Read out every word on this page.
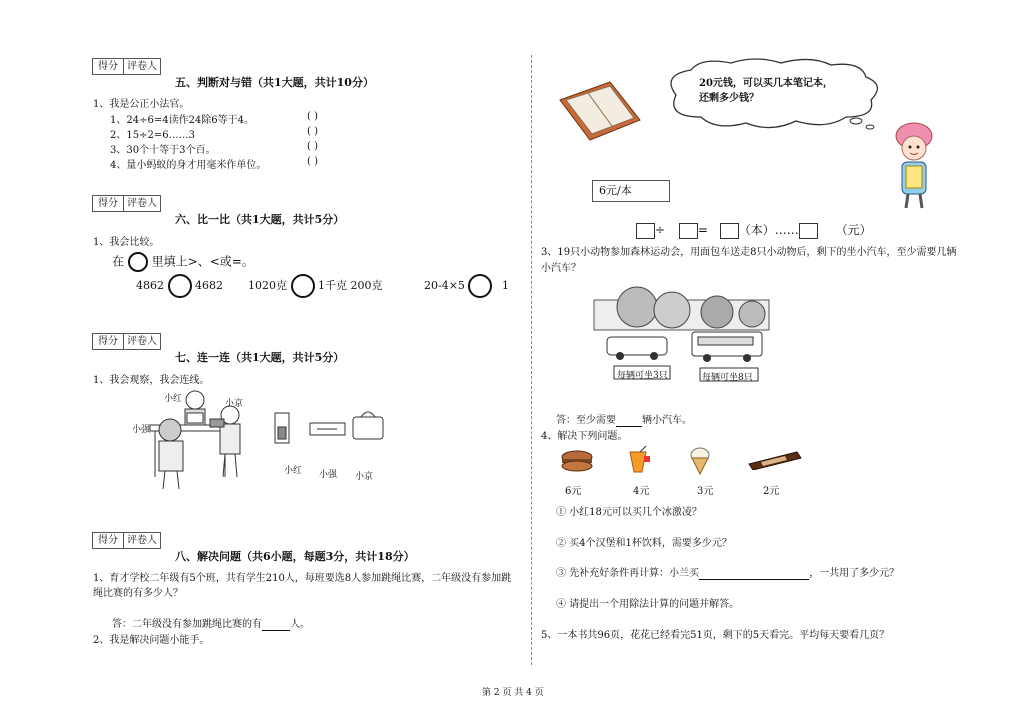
得分 评卷人
五、判断对与错（共1大题，共计10分）
1、我是公正小法官。
1、24÷6=4读作24除6等于4。	( )
2、15÷2=6……3	( )
3、30个十等于3个百。	( )
4、量小蚂蚁的身才用毫米作单位。	( )
得分 评卷人
六、比一比（共1大题，共计5分）
1、我会比较。
在 里填上>、<或=。
4862	4682 1020克	1千克 200克	20-4×5	1
得分 评卷人
七、连一连（共1大题，共计5分）
1、我会观察，我会连线。
小红
小强
小京
小红 小强 小京
得分 评卷人
八、解决问题（共6小题，每题3分，共计18分）
1、育才学校二年级有5个班，共有学生210人，每班要选8人参加跳绳比赛，二年级没有参加跳
绳比赛的有多少人？
答：二年级没有参加跳绳比赛的有	人。
2、我是解决问题小能手。
20元钱，可以买几本笔记本，
还剩多少钱？
6元/本
÷	=	（本）……	（元）
3、19只小动物参加森林运动会，用面包车送走8只小动物后，剩下的坐小汽车，至少需要几辆
小汽车？
每辆可坐3只	每辆可坐8只
答：至少需要	辆小汽车。
4、解决下列问题。
6元	4元	3元	2元
① 小红18元可以买几个冰激凌？
② 买4个汉堡和1杯饮料，需要多少元？
③ 先补充好条件再计算：小兰买	，一共用了多少元？
④ 请提出一个用除法计算的问题并解答。
5、一本书共96页，花花已经看完51页，剩下的5天看完。平均每天要看几页？
第 2 页 共 4 页
